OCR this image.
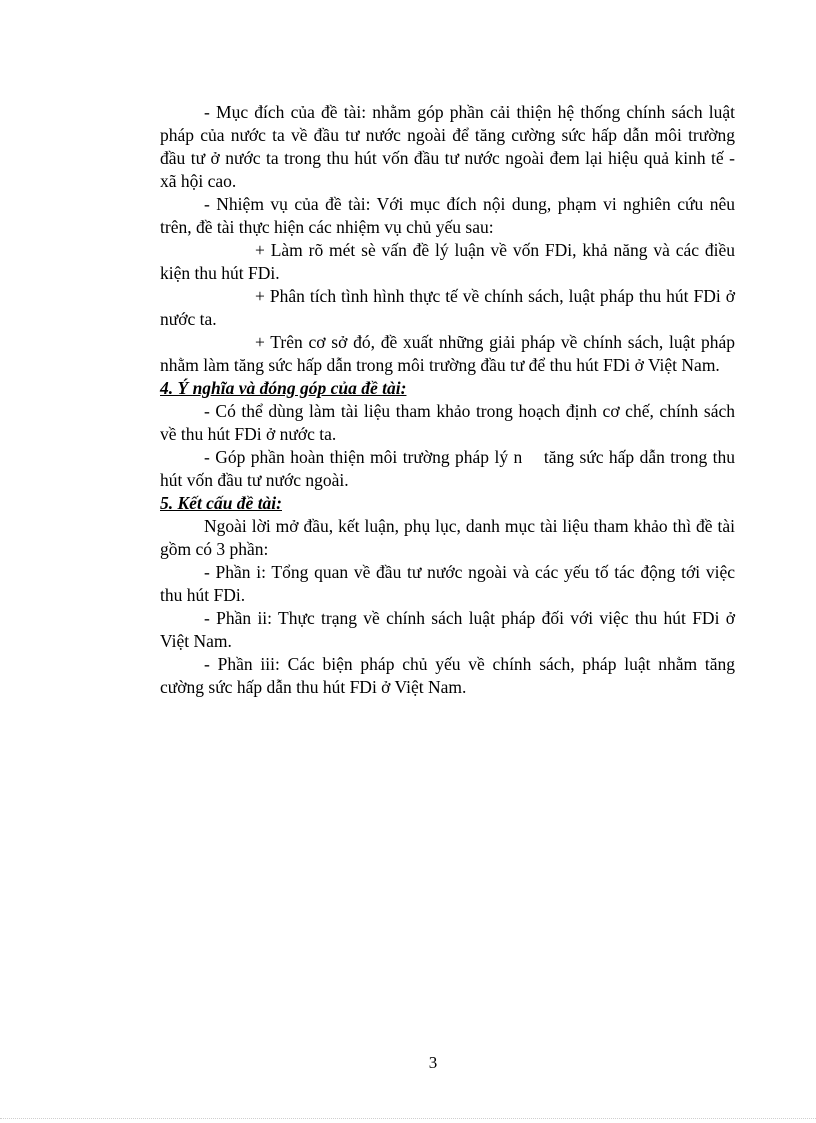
- Mục đích của đề tài: nhằm góp phần cải thiện hệ thống chính sách luật pháp của nước ta về đầu tư nước ngoài để tăng cường sức hấp dẫn môi trường đầu tư ở nước ta trong thu hút vốn đầu tư nước ngoài đem lại hiệu quả kinh tế - xã hội cao.

- Nhiệm vụ của đề tài: Với mục đích nội dung, phạm vi nghiên cứu nêu trên, đề tài thực hiện các nhiệm vụ chủ yếu sau:

+ Làm rõ mét sè vấn đề lý luận về vốn FDi, khả năng và các điều kiện thu hút FDi.

+ Phân tích tình hình thực tế về chính sách, luật pháp thu hút FDi ở nước ta.

+ Trên cơ sở đó, đề xuất những giải pháp về chính sách, luật pháp nhằm làm tăng sức hấp dẫn trong môi trường đầu tư để thu hút FDi ở Việt Nam.

4. Ý nghĩa và đóng góp của đề tài:

- Có thể dùng làm tài liệu tham khảo trong hoạch định cơ chế, chính sách về thu hút FDi ở nước ta.

- Góp phần hoàn thiện môi trường pháp lý n    tăng sức hấp dẫn trong thu hút vốn đầu tư nước ngoài.

5. Kết cấu đề tài:

Ngoài lời mở đầu, kết luận, phụ lục, danh mục tài liệu tham khảo thì đề tài gồm có 3 phần:

- Phần i: Tổng quan về đầu tư nước ngoài và các yếu tố tác động tới việc thu hút FDi.

- Phần ii: Thực trạng về chính sách luật pháp đối với việc thu hút FDi ở Việt Nam.

- Phần iii: Các biện pháp chủ yếu về chính sách, pháp luật nhằm tăng cường sức hấp dẫn thu hút FDi ở Việt Nam.

3
